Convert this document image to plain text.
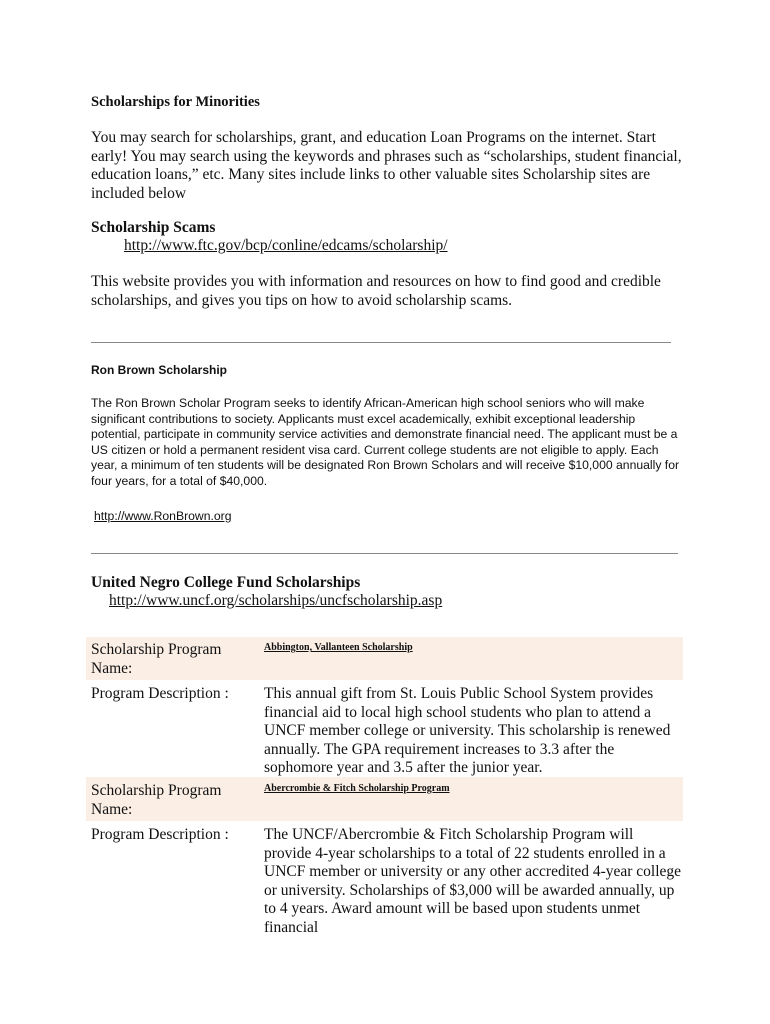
Scholarships for Minorities
You may search for scholarships, grant, and education Loan Programs on the internet. Start early! You may search using the keywords and phrases such as “scholarships, student financial, education loans,” etc. Many sites include links to other valuable sites Scholarship sites are included below
Scholarship Scams
http://www.ftc.gov/bcp/conline/edcams/scholarship/
This website provides you with information and resources on how to find good and credible scholarships, and gives you tips on how to avoid scholarship scams.
Ron Brown Scholarship
The Ron Brown Scholar Program seeks to identify African-American high school seniors who will make significant contributions to society. Applicants must excel academically, exhibit exceptional leadership potential, participate in community service activities and demonstrate financial need. The applicant must be a US citizen or hold a permanent resident visa card. Current college students are not eligible to apply. Each year, a minimum of ten students will be designated Ron Brown Scholars and will receive $10,000 annually for four years, for a total of $40,000.
http://www.RonBrown.org
United Negro College Fund Scholarships
http://www.uncf.org/scholarships/uncfscholarship.asp
Scholarship Program Name:
Abbington, Vallanteen Scholarship
Program Description :	This annual gift from St. Louis Public School System provides financial aid to local high school students who plan to attend a UNCF member college or university. This scholarship is renewed annually. The GPA requirement increases to 3.3 after the sophomore year and 3.5 after the junior year.
Scholarship Program Name:
Abercrombie & Fitch Scholarship Program
Program Description :	The UNCF/Abercrombie & Fitch Scholarship Program will provide 4-year scholarships to a total of 22 students enrolled in a UNCF member or university or any other accredited 4-year college or university. Scholarships of $3,000 will be awarded annually, up to 4 years. Award amount will be based upon students unmet financial
